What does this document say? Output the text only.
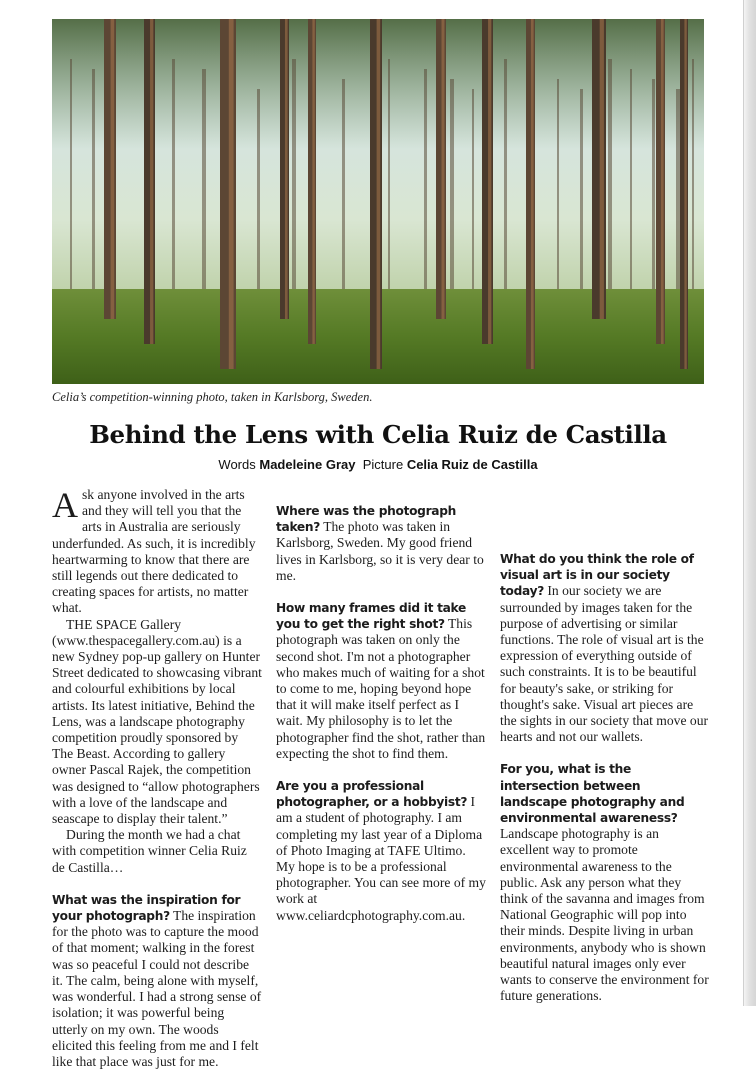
Celia’s competition-winning photo, taken in Karlsborg, Sweden.
Behind the Lens with Celia Ruiz de Castilla
Words Madeleine Gray Picture Celia Ruiz de Castilla

Ask anyone involved in the arts and they will tell you that the arts in Australia are seriously underfunded. As such, it is incredibly heartwarming to know that there are still legends out there dedicated to creating spaces for artists, no matter what.

THE SPACE Gallery (www.thespacegallery.com.au) is a new Sydney pop-up gallery on Hunter Street dedicated to showcasing vibrant and colourful exhibitions by local artists. Its latest initiative, Behind the Lens, was a landscape photography competition proudly sponsored by The Beast. According to gallery owner Pascal Rajek, the competition was designed to “allow photographers with a love of the landscape and seascape to display their talent.”

During the month we had a chat with competition winner Celia Ruiz de Castilla…

What was the inspiration for your photograph? The inspiration for the photo was to capture the mood of that moment; walking in the forest was so peaceful I could not describe it. The calm, being alone with myself, was wonderful. I had a strong sense of isolation; it was powerful being utterly on my own. The woods elicited this feeling from me and I felt like that place was just for me.

Where was the photograph taken? The photo was taken in Karlsborg, Sweden. My good friend lives in Karlsborg, so it is very dear to me.

How many frames did it take you to get the right shot? This photograph was taken on only the second shot. I'm not a photographer who makes much of waiting for a shot to come to me, hoping beyond hope that it will make itself perfect as I wait. My philosophy is to let the photographer find the shot, rather than expecting the shot to find them.

Are you a professional photographer, or a hobbyist? I am a student of photography. I am completing my last year of a Diploma of Photo Imaging at TAFE Ultimo. My hope is to be a professional photographer. You can see more of my work at www.celiardcphotography.com.au.

What do you think the role of visual art is in our society today? In our society we are surrounded by images taken for the purpose of advertising or similar functions. The role of visual art is the expression of everything outside of such constraints. It is to be beautiful for beauty's sake, or striking for thought's sake. Visual art pieces are the sights in our society that move our hearts and not our wallets.

For you, what is the intersection between landscape photography and environmental awareness? Landscape photography is an excellent way to promote environmental awareness to the public. Ask any person what they think of the savanna and images from National Geographic will pop into their minds. Despite living in urban environments, anybody who is shown beautiful natural images only ever wants to conserve the environment for future generations.
